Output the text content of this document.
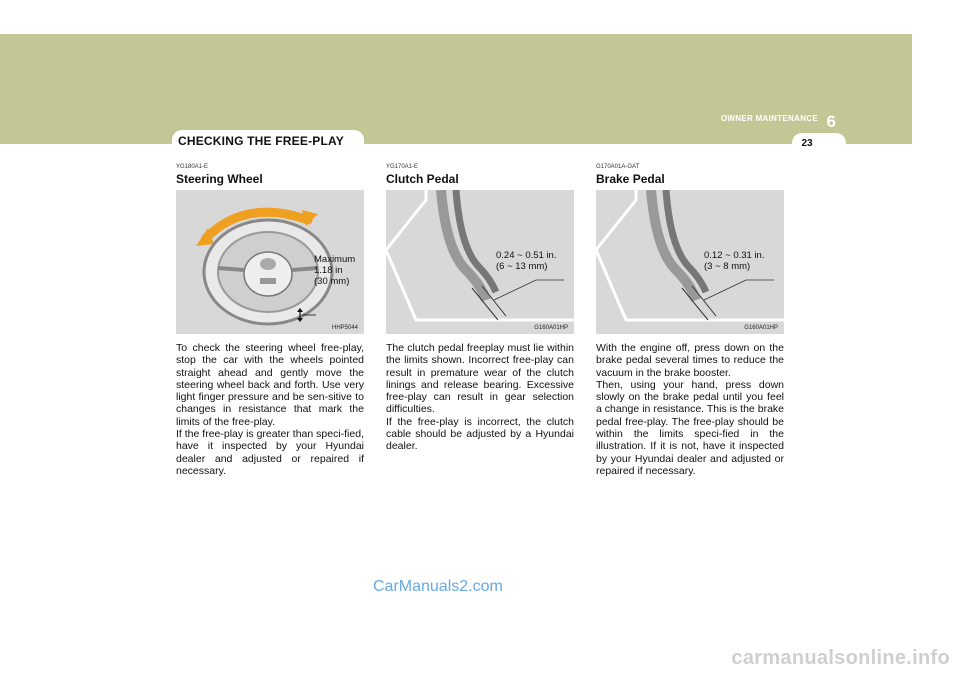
6
OWNER MAINTENANCE
23
CHECKING THE FREE-PLAY

YG180A1-E

Steering Wheel
Maximum
1.18 in
(30 mm)
HHP5044

To check the steering wheel free-play, stop the car with the wheels pointed straight ahead and gently move the steering wheel back and forth. Use very light finger pressure and be sen-sitive to changes in resistance that mark the limits of the free-play.
If the free-play is greater than speci-fied, have it inspected by your Hyundai dealer and adjusted or repaired if necessary.

YG170A1-E

Clutch Pedal
0.24 ~ 0.51 in.
(6 ~ 13 mm)
G160A01HP

The clutch pedal freeplay must lie within the limits shown. Incorrect free-play can result in premature wear of the clutch linings and release bearing. Excessive free-play can result in gear selection difficulties.
If the free-play is incorrect, the clutch cable should be adjusted by a Hyundai dealer.

G170A01A-GAT

Brake Pedal
0.12 ~ 0.31 in.
(3 ~ 8 mm)
G160A01HP

With the engine off, press down on the brake pedal several times to reduce the vacuum in the brake booster.
Then, using your hand, press down slowly on the brake pedal until you feel a change in resistance. This is the brake pedal free-play. The free-play should be within the limits speci-fied in the illustration. If it is not, have it inspected by your Hyundai dealer and adjusted or repaired if necessary.

CarManuals2.com
carmanualsonline.info
